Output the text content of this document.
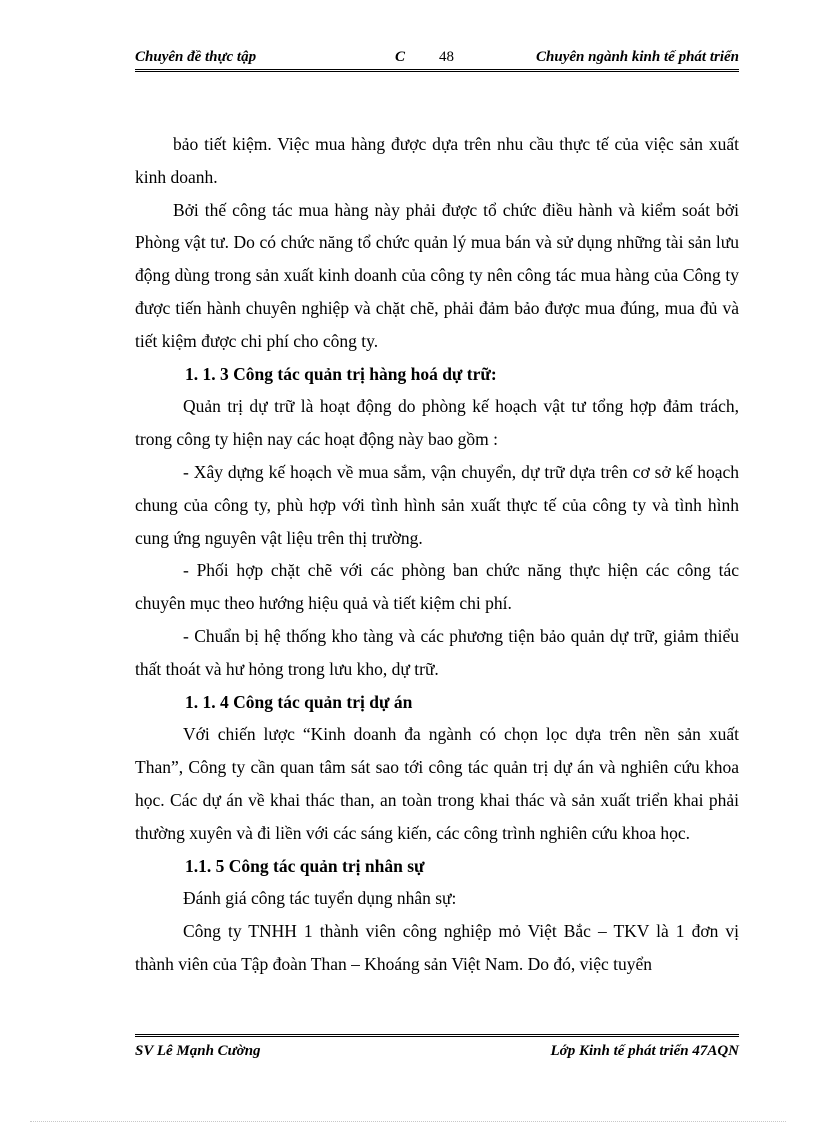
Chuyên đề thực tập	C 48	Chuyên ngành kinh tế phát triển

bảo tiết kiệm. Việc mua hàng được dựa trên nhu cầu thực tế của việc sản xuất kinh doanh.

Bởi thế công tác mua hàng này phải được tổ chức điều hành và kiểm soát bởi Phòng vật tư. Do có chức năng tổ chức quản lý mua bán và sử dụng những tài sản lưu động dùng trong sản xuất kinh doanh của công ty nên công tác mua hàng của Công ty được tiến hành chuyên nghiệp và chặt chẽ, phải đảm bảo được mua đúng, mua đủ và tiết kiệm được chi phí cho công ty.

1. 1. 3 Công tác quản trị hàng hoá dự trữ:

Quản trị dự trữ là hoạt động do phòng kế hoạch vật tư tổng hợp đảm trách, trong công ty hiện nay các hoạt động này bao gồm :

- Xây dựng kế hoạch về mua sắm, vận chuyển, dự trữ dựa trên cơ sở kế hoạch chung của công ty, phù hợp với tình hình sản xuất thực tế của công ty và tình hình cung ứng nguyên vật liệu trên thị trường.

- Phối hợp chặt chẽ với các phòng ban chức năng thực hiện các công tác chuyên mục theo hướng hiệu quả và tiết kiệm chi phí.

- Chuẩn bị hệ thống kho tàng và các phương tiện bảo quản dự trữ, giảm thiểu thất thoát và hư hỏng trong lưu kho, dự trữ.

1. 1. 4 Công tác quản trị dự án

Với chiến lược “Kinh doanh đa ngành có chọn lọc dựa trên nền sản xuất Than”, Công ty cần quan tâm sát sao tới công tác quản trị dự án và nghiên cứu khoa học. Các dự án về khai thác than, an toàn trong khai thác và sản xuất triển khai phải thường xuyên và đi liền với các sáng kiến, các công trình nghiên cứu khoa học.

1.1. 5 Công tác quản trị nhân sự

Đánh giá công tác tuyển dụng nhân sự:

Công ty TNHH 1 thành viên công nghiệp mỏ Việt Bắc – TKV là 1 đơn vị thành viên của Tập đoàn Than – Khoáng sản Việt Nam. Do đó, việc tuyển

SV Lê Mạnh Cường	Lớp Kinh tế phát triển 47AQN
